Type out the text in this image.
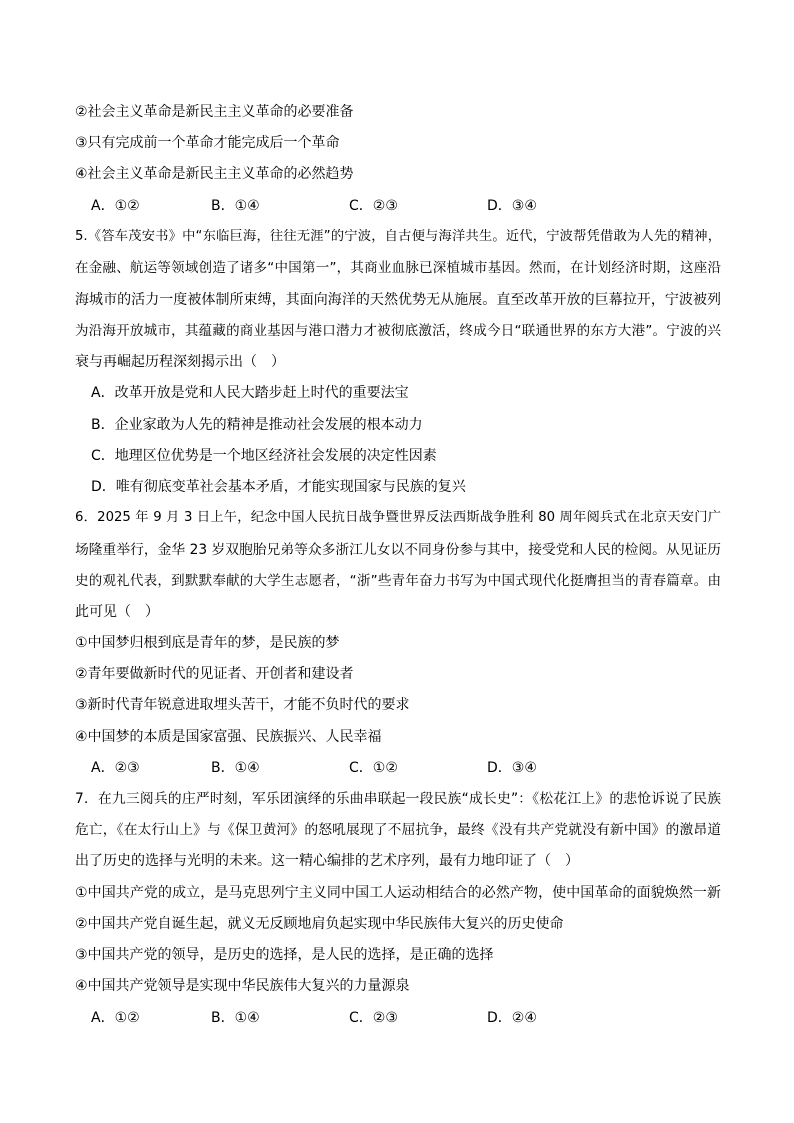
②社会主义革命是新民主主义革命的必要准备
③只有完成前一个革命才能完成后一个革命
④社会主义革命是新民主主义革命的必然趋势
A．①②	B．①④	C．②③	D．③④
5.《答车茂安书》中“东临巨海，往往无涯”的宁波，自古便与海洋共生。近代，宁波帮凭借敢为人先的精神，
在金融、航运等领域创造了诸多“中国第一”，其商业血脉已深植城市基因。然而，在计划经济时期，这座沿
海城市的活力一度被体制所束缚，其面向海洋的天然优势无从施展。直至改革开放的巨幕拉开，宁波被列
为沿海开放城市，其蕴藏的商业基因与港口潜力才被彻底激活，终成今日“联通世界的东方大港”。宁波的兴
衰与再崛起历程深刻揭示出（　）
A．改革开放是党和人民大踏步赶上时代的重要法宝
B．企业家敢为人先的精神是推动社会发展的根本动力
C．地理区位优势是一个地区经济社会发展的决定性因素
D．唯有彻底变革社会基本矛盾，才能实现国家与民族的复兴
6．2025 年 9 月 3 日上午，纪念中国人民抗日战争暨世界反法西斯战争胜利 80 周年阅兵式在北京天安门广
场隆重举行，金华 23 岁双胞胎兄弟等众多浙江儿女以不同身份参与其中，接受党和人民的检阅。从见证历
史的观礼代表，到默默奉献的大学生志愿者，“浙”些青年奋力书写为中国式现代化挺膺担当的青春篇章。由
此可见（　）
①中国梦归根到底是青年的梦，是民族的梦
②青年要做新时代的见证者、开创者和建设者
③新时代青年锐意进取埋头苦干，才能不负时代的要求
④中国梦的本质是国家富强、民族振兴、人民幸福
A．②③	B．①④	C．①②	D．③④
7．在九三阅兵的庄严时刻，军乐团演绎的乐曲串联起一段民族“成长史”：《松花江上》的悲怆诉说了民族
危亡，《在太行山上》与《保卫黄河》的怒吼展现了不屈抗争，最终《没有共产党就没有新中国》的激昂道
出了历史的选择与光明的未来。这一精心编排的艺术序列，最有力地印证了（　）
①中国共产党的成立，是马克思列宁主义同中国工人运动相结合的必然产物，使中国革命的面貌焕然一新
②中国共产党自诞生起，就义无反顾地肩负起实现中华民族伟大复兴的历史使命
③中国共产党的领导，是历史的选择，是人民的选择，是正确的选择
④中国共产党领导是实现中华民族伟大复兴的力量源泉
A．①②	B．①④	C．②③	D．②④
